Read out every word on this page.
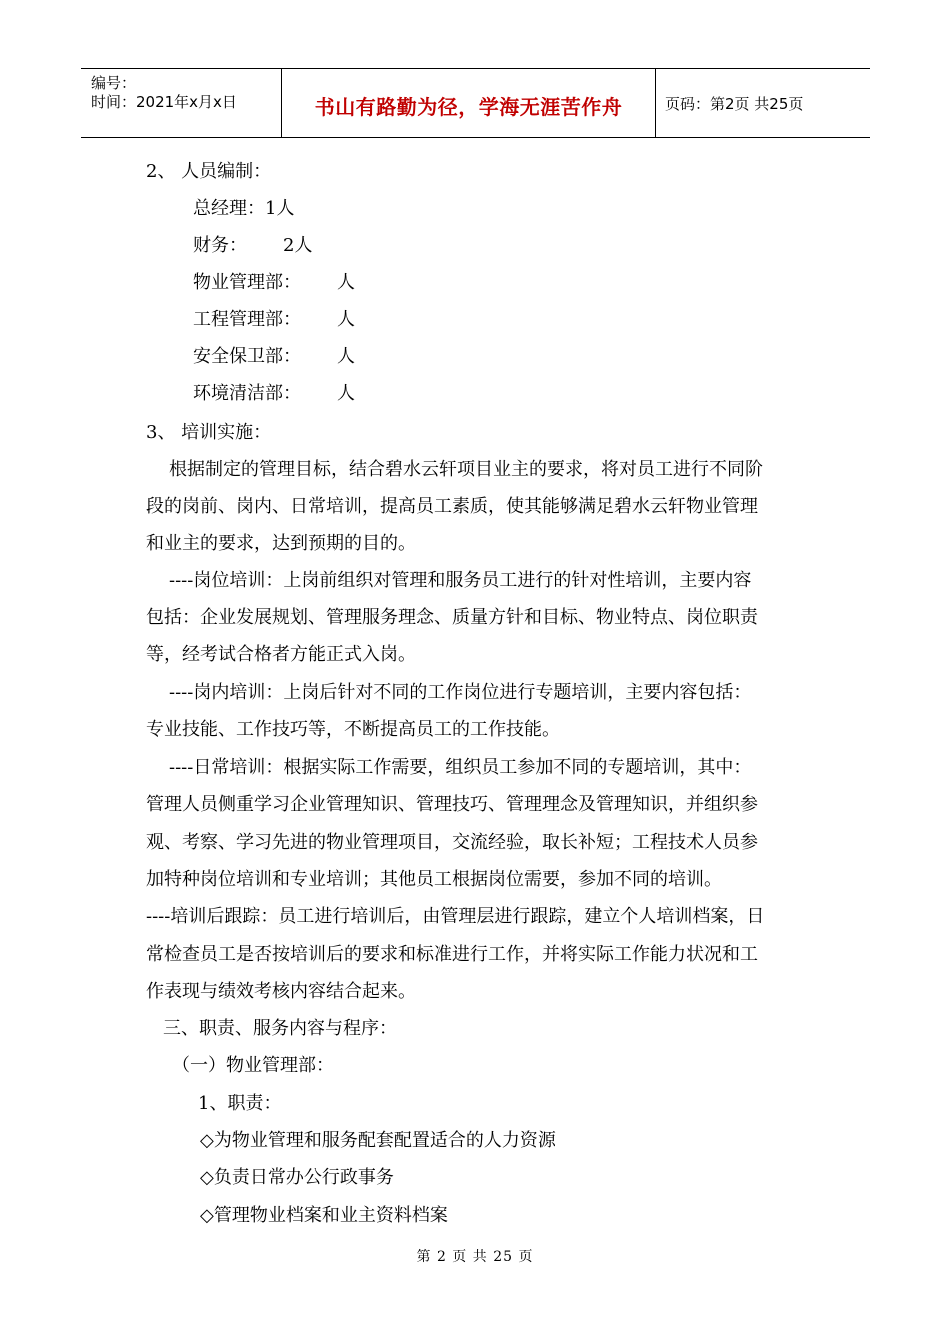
编号：
时间：2021年x月x日	书山有路勤为径，学海无涯苦作舟	页码：第2页 共25页
2、 人员编制：
总经理：1人
财务： 2人
物业管理部： 人
工程管理部： 人
安全保卫部： 人
环境清洁部： 人
3、 培训实施：
根据制定的管理目标，结合碧水云轩项目业主的要求，将对员工进行不同阶
段的岗前、岗内、日常培训，提高员工素质，使其能够满足碧水云轩物业管理
和业主的要求，达到预期的目的。
----岗位培训：上岗前组织对管理和服务员工进行的针对性培训，主要内容
包括：企业发展规划、管理服务理念、质量方针和目标、物业特点、岗位职责
等，经考试合格者方能正式入岗。
----岗内培训：上岗后针对不同的工作岗位进行专题培训，主要内容包括：
专业技能、工作技巧等，不断提高员工的工作技能。
----日常培训：根据实际工作需要，组织员工参加不同的专题培训，其中：
管理人员侧重学习企业管理知识、管理技巧、管理理念及管理知识，并组织参
观、考察、学习先进的物业管理项目，交流经验，取长补短；工程技术人员参
加特种岗位培训和专业培训；其他员工根据岗位需要，参加不同的培训。
----培训后跟踪：员工进行培训后，由管理层进行跟踪，建立个人培训档案，日
常检查员工是否按培训后的要求和标准进行工作，并将实际工作能力状况和工
作表现与绩效考核内容结合起来。
三、职责、服务内容与程序：
（一）物业管理部：
1、职责：
◇为物业管理和服务配套配置适合的人力资源
◇负责日常办公行政事务
◇管理物业档案和业主资料档案
第 2 页 共 25 页
